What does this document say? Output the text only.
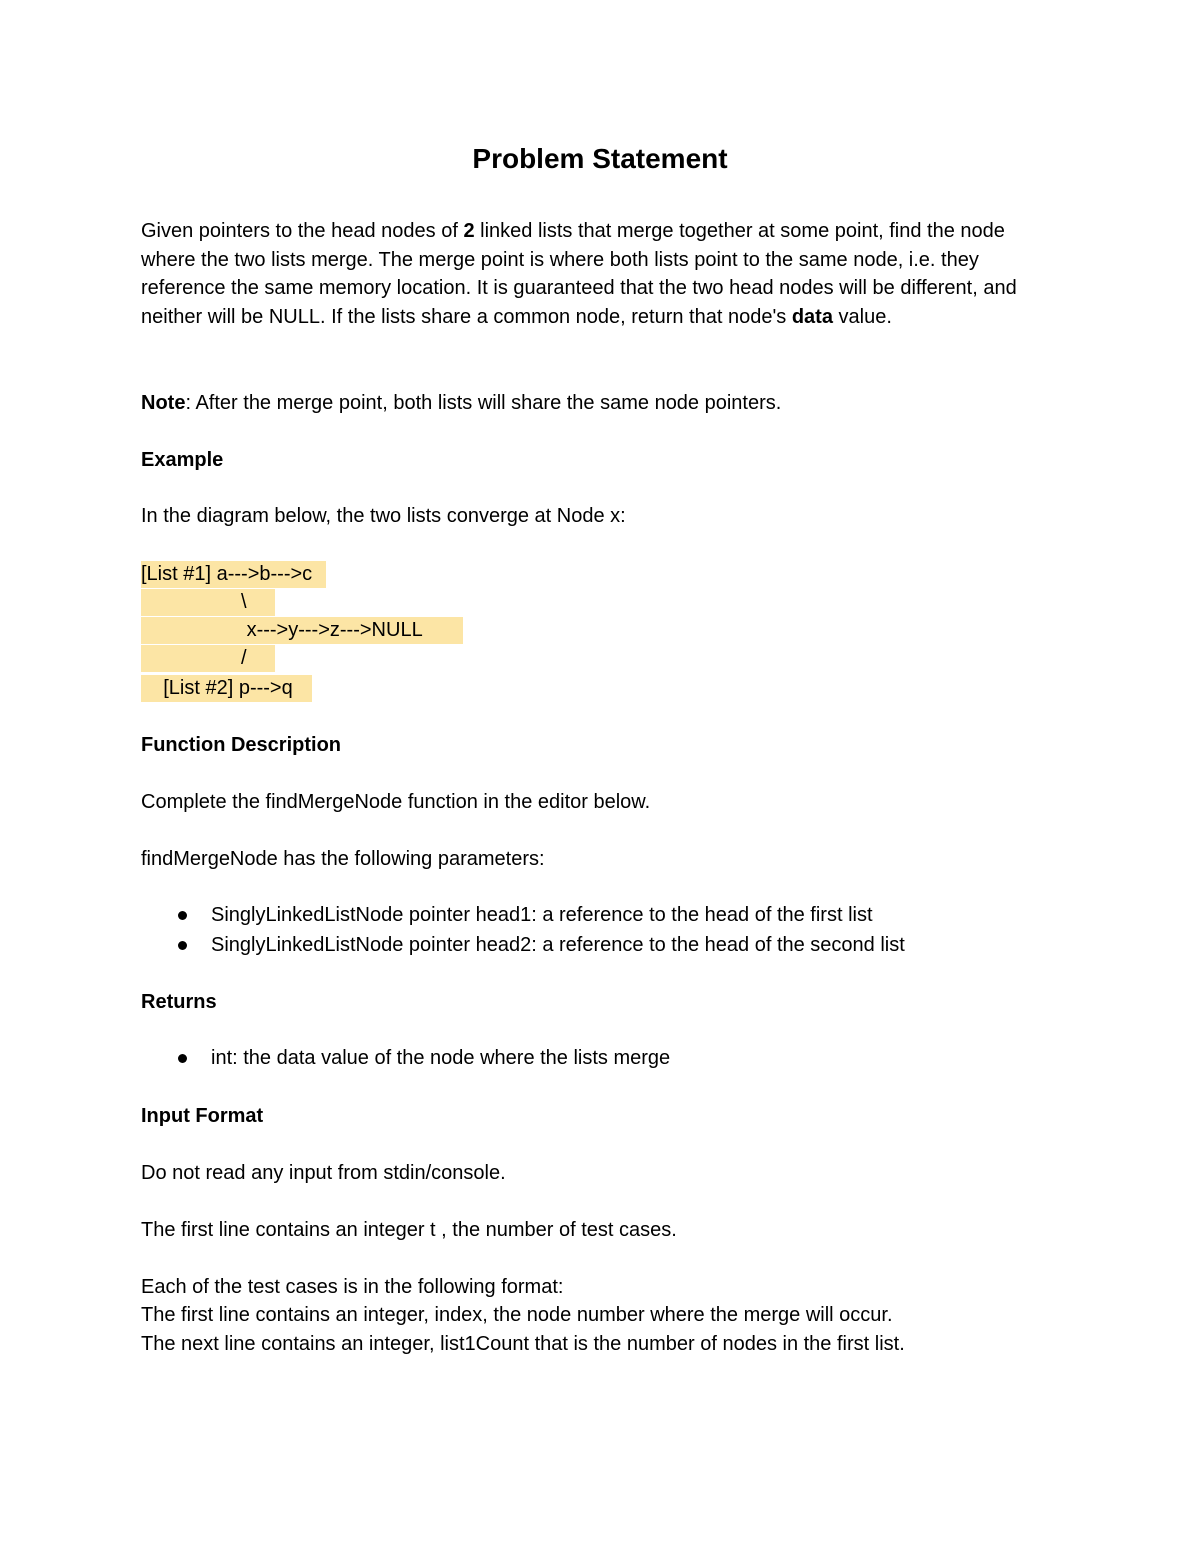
Problem Statement

Given pointers to the head nodes of 2 linked lists that merge together at some point, find the node where the two lists merge. The merge point is where both lists point to the same node, i.e. they reference the same memory location. It is guaranteed that the two head nodes will be different, and neither will be NULL. If the lists share a common node, return that node's data value.

Note: After the merge point, both lists will share the same node pointers.

Example

In the diagram below, the two lists converge at Node x:

[List #1] a--->b--->c
\
x--->y--->z--->NULL
/
[List #2] p--->q
Function Description

Complete the findMergeNode function in the editor below.

findMergeNode has the following parameters:

SinglyLinkedListNode pointer head1: a reference to the head of the first list
SinglyLinkedListNode pointer head2: a reference to the head of the second list
Returns
int: the data value of the node where the lists merge
Input Format

Do not read any input from stdin/console.

The first line contains an integer t , the number of test cases.

Each of the test cases is in the following format:

The first line contains an integer, index, the node number where the merge will occur.

The next line contains an integer, list1Count that is the number of nodes in the first list.
